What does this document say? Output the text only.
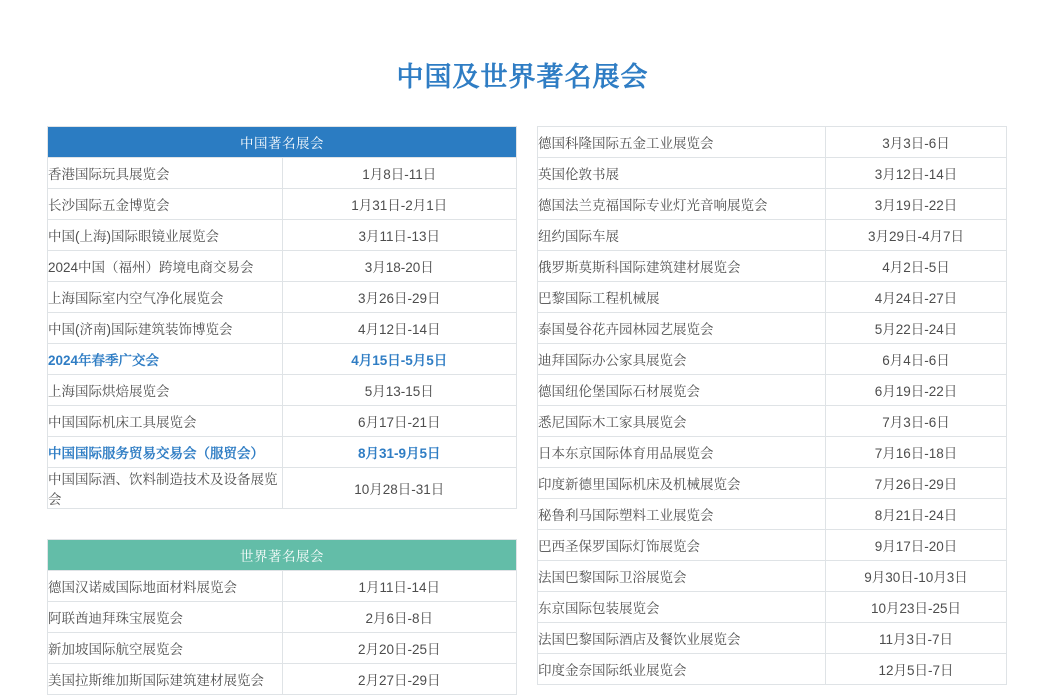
中国及世界著名展会
中国著名展会	
香港国际玩具展览会	1月8日-11日
长沙国际五金博览会	1月31日-2月1日
中国(上海)国际眼镜业展览会	3月11日-13日
2024中国（福州）跨境电商交易会	3月18-20日
上海国际室内空气净化展览会	3月26日-29日
中国(济南)国际建筑装饰博览会	4月12日-14日
2024年春季广交会	4月15日-5月5日
上海国际烘焙展览会	5月13-15日
中国国际机床工具展览会	6月17日-21日
中国国际服务贸易交易会（服贸会）	8月31-9月5日
中国国际酒、饮料制造技术及设备展览会	10月28日-31日
世界著名展会	
德国汉诺威国际地面材料展览会	1月11日-14日
阿联酋迪拜珠宝展览会	2月6日-8日
新加坡国际航空展览会	2月20日-25日
美国拉斯维加斯国际建筑建材展览会	2月27日-29日
德国科隆国际五金工业展览会	3月3日-6日
英国伦敦书展	3月12日-14日
德国法兰克福国际专业灯光音响展览会	3月19日-22日
纽约国际车展	3月29日-4月7日
俄罗斯莫斯科国际建筑建材展览会	4月2日-5日
巴黎国际工程机械展	4月24日-27日
泰国曼谷花卉园林园艺展览会	5月22日-24日
迪拜国际办公家具展览会	6月4日-6日
德国纽伦堡国际石材展览会	6月19日-22日
悉尼国际木工家具展览会	7月3日-6日
日本东京国际体育用品展览会	7月16日-18日
印度新德里国际机床及机械展览会	7月26日-29日
秘鲁利马国际塑料工业展览会	8月21日-24日
巴西圣保罗国际灯饰展览会	9月17日-20日
法国巴黎国际卫浴展览会	9月30日-10月3日
东京国际包装展览会	10月23日-25日
法国巴黎国际酒店及餐饮业展览会	11月3日-7日
印度金奈国际纸业展览会	12月5日-7日
